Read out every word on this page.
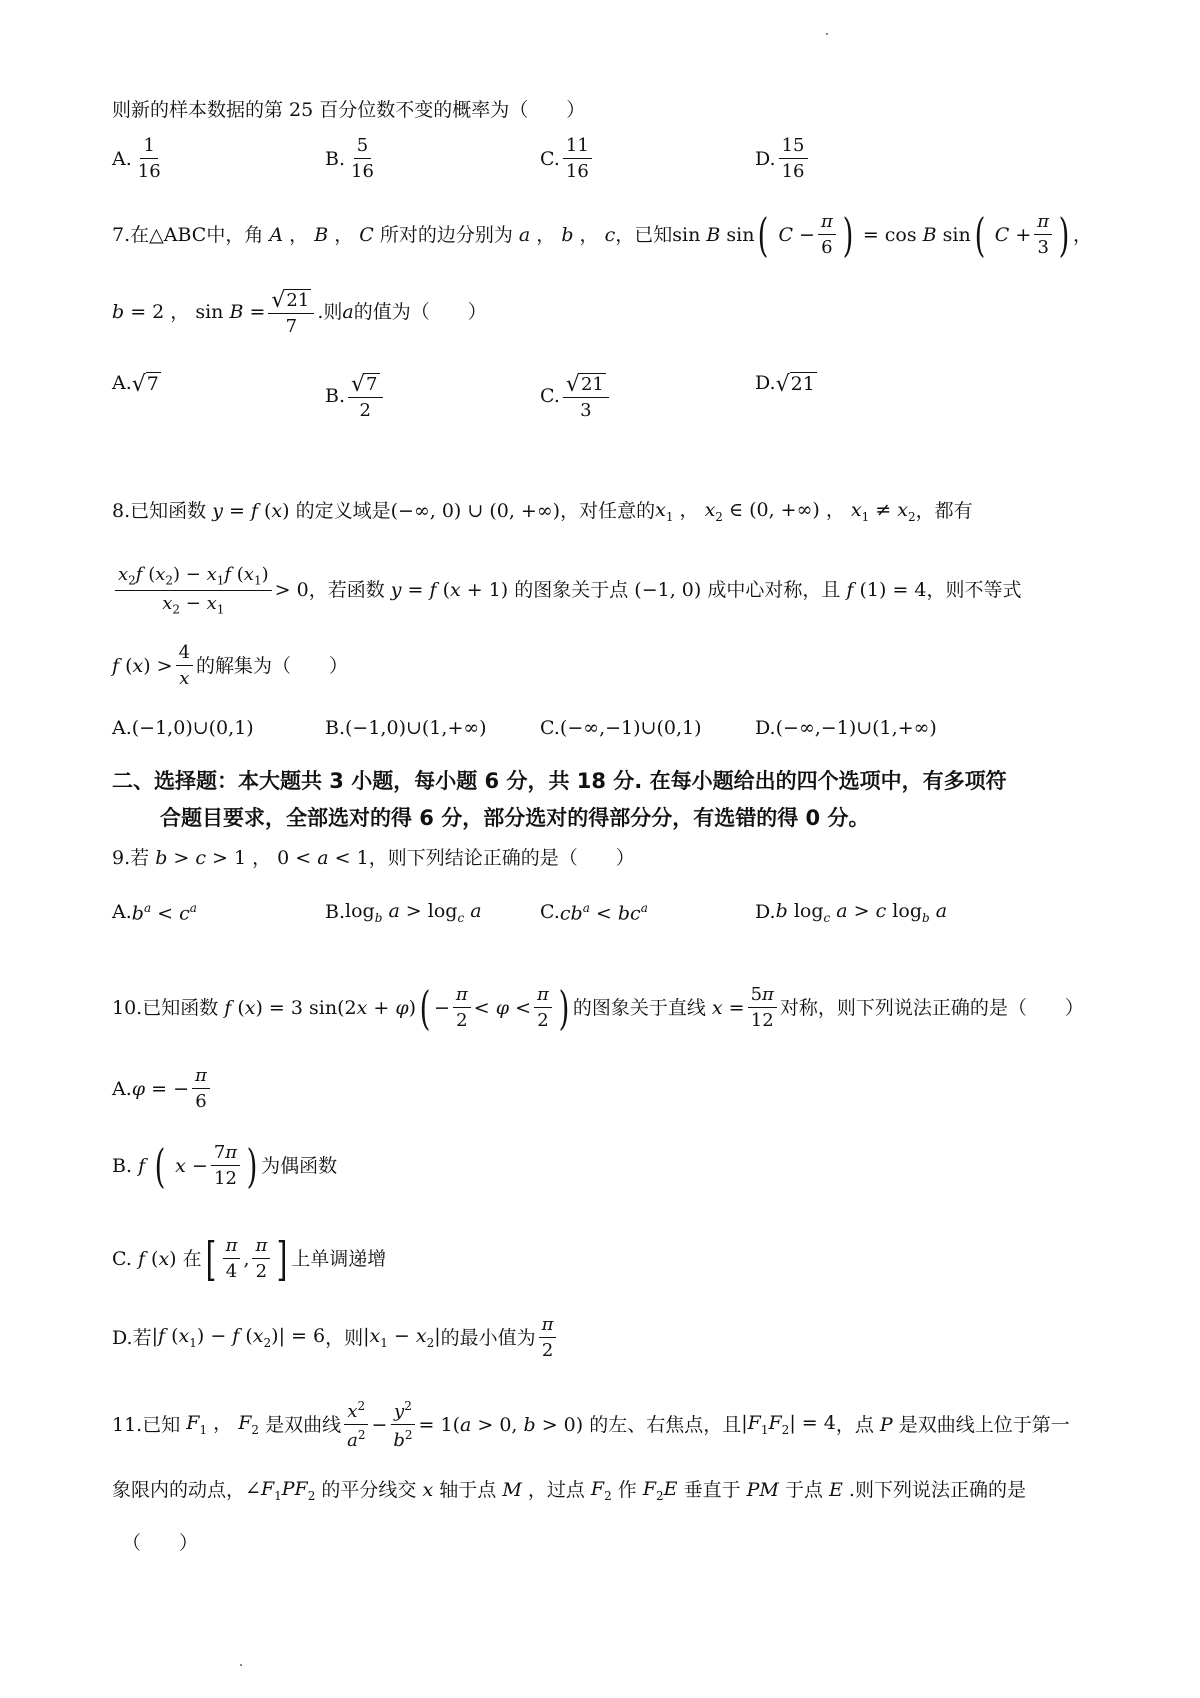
则新的样本数据的第 25 百分位数不变的概率为（　　）
A. $\frac{1}{16}$	B. $\frac{5}{16}$	C. $\frac{11}{16}$	D. $\frac{15}{16}$
7.在△ABC中，角 A ， B ， C 所对的边分别为 a ， b ， c ，已知 sin B sin ( $C - \frac{\pi}{6}$ ) = cos B sin ( $C + \frac{\pi}{3}$ ) ，
b = 2 ， $\sin B = \frac{√ 21}{7}$ .则 a 的值为（　　）
A. √ 7
B. $\frac{√ 7}{2}$	C. $\frac{√ 21}{3}$	D. √ 21
8.已知函数 y = f (x) 的定义域是 (−∞, 0) ∪ (0, +∞) ，对任意的 $x_1$ ， $x_2$ ∈ (0, +∞) ， $x_1 \ne x_2$ ，都有
$\frac{x_2f (x_2) - x_1f (x_1)}{x_2 - x_1} > 0$ ，若函数 y = f (x + 1) 的图象关于点 (−1, 0) 成中心对称，且 f (1) = 4 ，则不等式
f $(x) > \frac{4}{x}$ 的解集为（　　）
A. (−1,0)∪(0,1)	B. (−1,0)∪(1,+∞)	C. (−∞,−1)∪(0,1)	D. (−∞,−1)∪(1,+∞)
二、选择题：本大题共 3 小题，每小题 6 分，共 18 分. 在每小题给出的四个选项中，有多项符
合题目要求，全部选对的得 6 分，部分选对的得部分分，有选错的得 0 分。
9.若 b > c > 1 ， 0 < a < 1 ，则下列结论正确的是（　　）
A. $b^a < c^a$	B. $\log_b a > \log_c a$	C. $cb^a < bc^a$	D. b $\log_c a > c$ $\log_b a$
10.已知函数 f (x) = 3 sin(2x + φ) ( − $\frac{\pi}{2} < \varphi < \frac{\pi}{2}$ ) 的图象关于直线 $x = \frac{5\pi}{12}$ 对称，则下列说法正确的是（　　）
A. φ = − $\frac{\pi}{6}$
B. f ( $x - \frac{7\pi}{12}$ ) 为偶函数
C. f (x) 在 [ $\frac{\pi}{4}$ , $\frac{\pi}{2}$ ] 上单调递增
D.若 |f $(x_1) - f$ $(x_2)| = 6$ ，则 $|x_1 - x_2|$ 的最小值为 $\frac{\pi}{2}$
11.已知 $F_1$ ， $F_2$ 是双曲线 $\frac{x^2}{a^2} - \frac{y^2}{b^2} = 1(a > 0$, b > 0) 的左、右焦点，且 $|F_1F_2| = 4$ ，点 P 是双曲线上位于第一
象限内的动点， $\angle F_1PF_2$ 的平分线交 x 轴于点 M ，过点 $F_2$ 作 $F_2E$ 垂直于 PM 于点 E .则下列说法正确的是
（　　）
